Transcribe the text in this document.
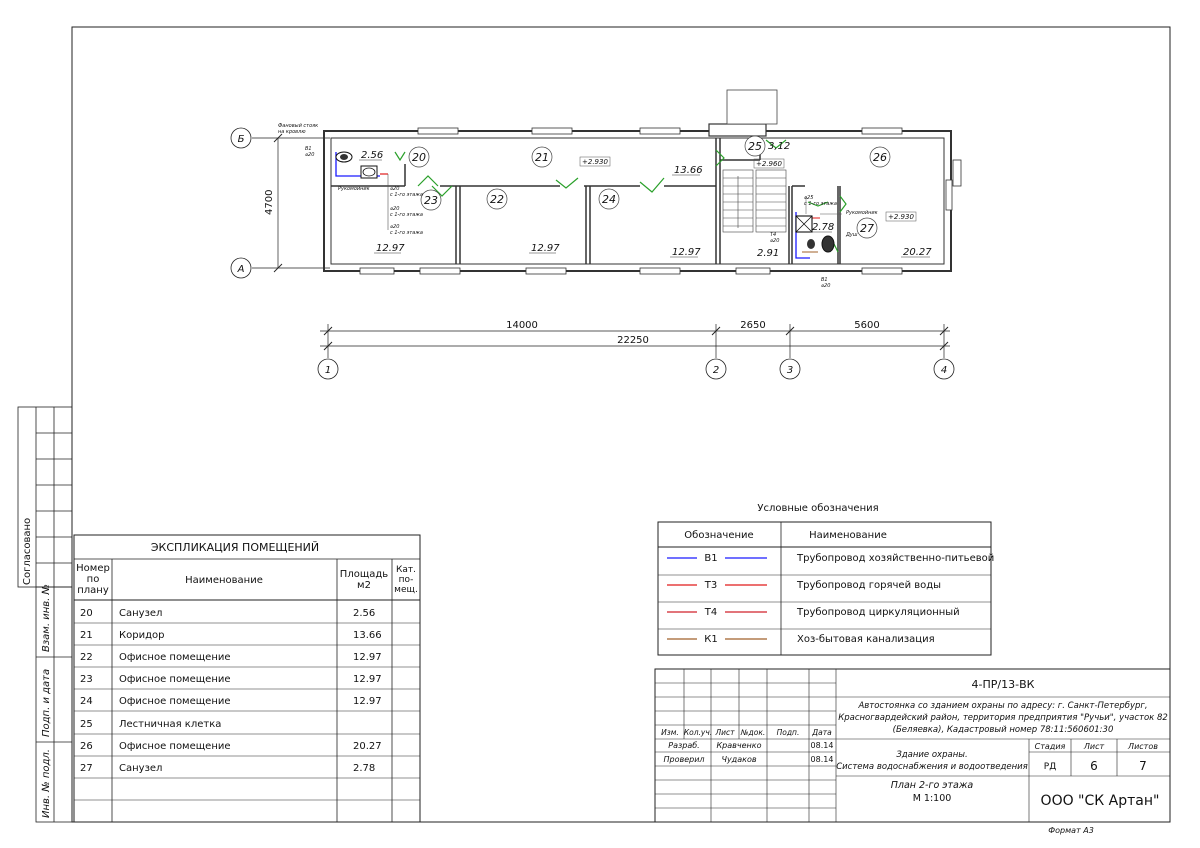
Согласовано
Взам. инв. №
Подп. и дата
Инв. № подл.
Б
А
4700
20
2.56	21
13.66
22
12.97
23
12.97
24
12.97
25 3,12
2.91
26
20.27
27
2.78
+2.930	+2.960
+2.930
Фановый стояк
на кровлю
В1
⌀20
Рукомойник	⌀20
с 1-го этажа
⌀20
с 1-го этажа
⌀20
с 1-го этажа
⌀25
с 1-го этажа
Рукомойник
Душ
Т4
⌀20
В1
⌀20
14000	2650	5600
22250
1	2	3	4
ЭКСПЛИКАЦИЯ ПОМЕЩЕНИЙ
Номер
по
плану
Наименование
Площадь
м2
Кат.
по-
мещ.
20	Санузел	2.56
21	Коридор	13.66
22	Офисное помещение	12.97
23	Офисное помещение	12.97
24	Офисное помещение	12.97
25	Лестничная клетка
26	Офисное помещение	20.27
27	Санузел	2.78
Условные обозначения
Обозначение	Наименование
В1	Трубопровод хозяйственно-питьевой
Т3	Трубопровод горячей воды
Т4	Трубопровод циркуляционный
К1	Хоз-бытовая канализация
4-ПР/13-ВК
Автостоянка со зданием охраны по адресу: г. Санкт-Петербург,
Красногвардейский район, территория предприятия "Ручьи", участок 82
(Беляевка), Кадастровый номер 78:11:560601:30
Изм. Кол.уч. Лист №док. Подп. Дата
Разраб. Кравченко	08.14
Проверил Чудаков	08.14	Здание охраны.
Система водоснабжения и водоотведения
План 2-го этажа
М 1:100
Стадия Лист	Листов
РД	6	7
ООО "СК Артан"
Формат А3
